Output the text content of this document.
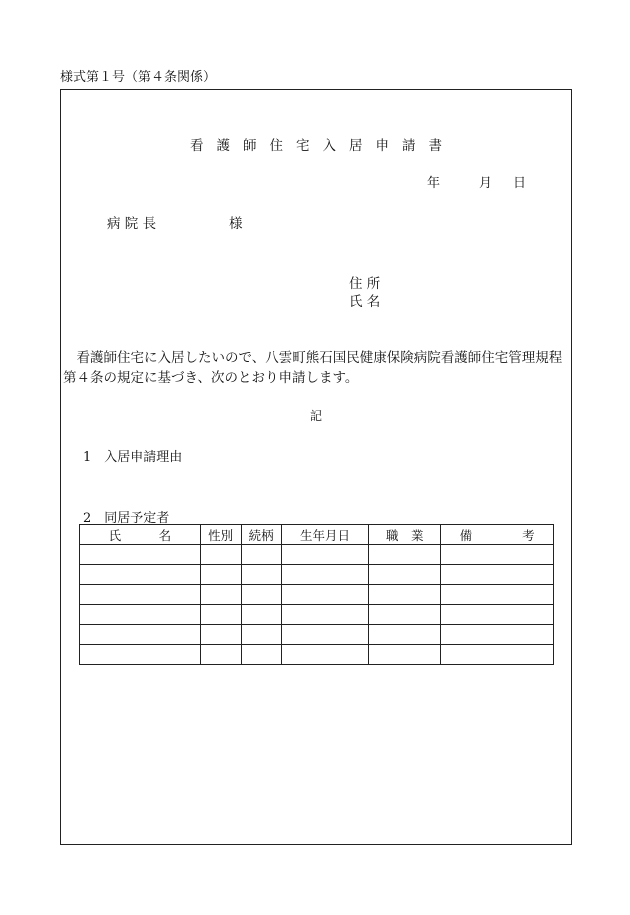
様式第１号（第４条関係）
看護師住宅入居申請書
年	月 日
病 院 長	様
住 所
氏 名
　看護師住宅に入居したいので、八雲町熊石国民健康保険病院看護師住宅管理規程
第４条の規定に基づき、次のとおり申請します。
記
1　入居申請理由
2　同居予定者
氏　　　名	性別	続柄	生年月日	職　業	備　　　　考
